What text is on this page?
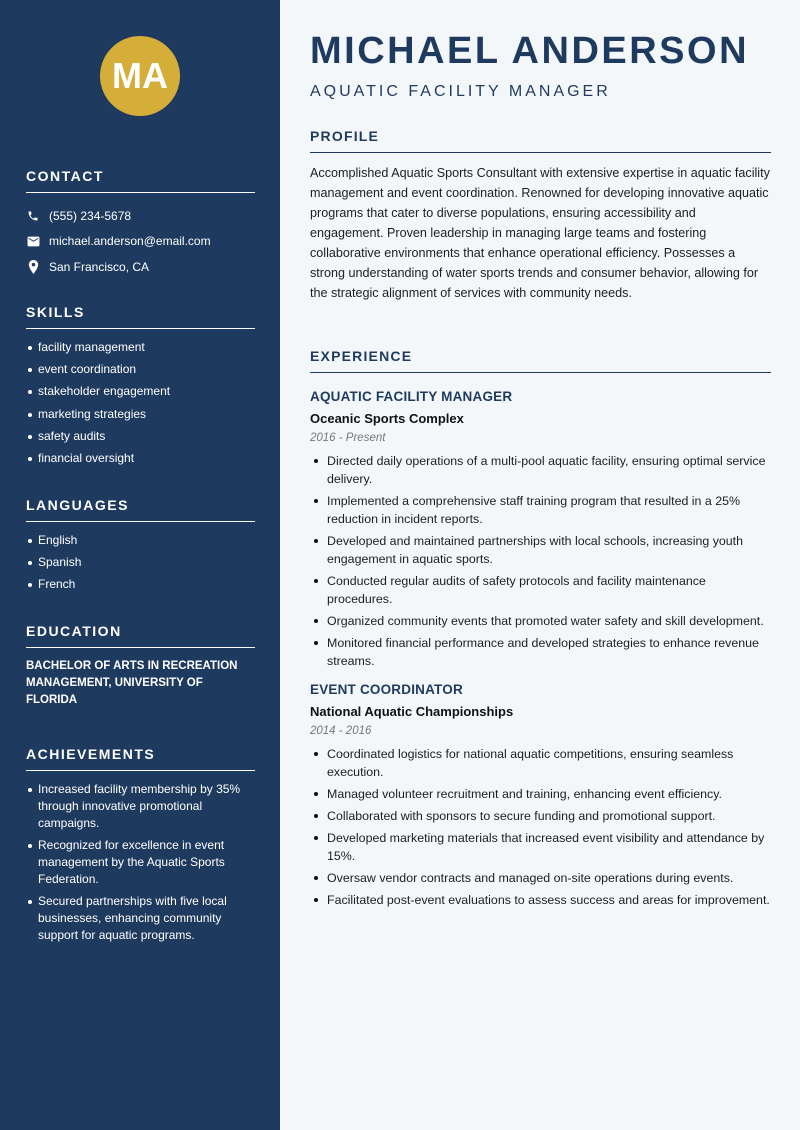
MA
CONTACT
(555) 234-5678
michael.anderson@email.com
San Francisco, CA
SKILLS
facility management
event coordination
stakeholder engagement
marketing strategies
safety audits
financial oversight
LANGUAGES
English
Spanish
French
EDUCATION
BACHELOR OF ARTS IN RECREATION MANAGEMENT, UNIVERSITY OF FLORIDA
ACHIEVEMENTS
Increased facility membership by 35% through innovative promotional campaigns.
Recognized for excellence in event management by the Aquatic Sports Federation.
Secured partnerships with five local businesses, enhancing community support for aquatic programs.
MICHAEL ANDERSON
AQUATIC FACILITY MANAGER
PROFILE

Accomplished Aquatic Sports Consultant with extensive expertise in aquatic facility management and event coordination. Renowned for developing innovative aquatic programs that cater to diverse populations, ensuring accessibility and engagement. Proven leadership in managing large teams and fostering collaborative environments that enhance operational efficiency. Possesses a strong understanding of water sports trends and consumer behavior, allowing for the strategic alignment of services with community needs.

EXPERIENCE
AQUATIC FACILITY MANAGER
Oceanic Sports Complex
2016 - Present
Directed daily operations of a multi-pool aquatic facility, ensuring optimal service delivery.
Implemented a comprehensive staff training program that resulted in a 25% reduction in incident reports.
Developed and maintained partnerships with local schools, increasing youth engagement in aquatic sports.
Conducted regular audits of safety protocols and facility maintenance procedures.
Organized community events that promoted water safety and skill development.
Monitored financial performance and developed strategies to enhance revenue streams.
EVENT COORDINATOR
National Aquatic Championships
2014 - 2016
Coordinated logistics for national aquatic competitions, ensuring seamless execution.
Managed volunteer recruitment and training, enhancing event efficiency.
Collaborated with sponsors to secure funding and promotional support.
Developed marketing materials that increased event visibility and attendance by 15%.
Oversaw vendor contracts and managed on-site operations during events.
Facilitated post-event evaluations to assess success and areas for improvement.
